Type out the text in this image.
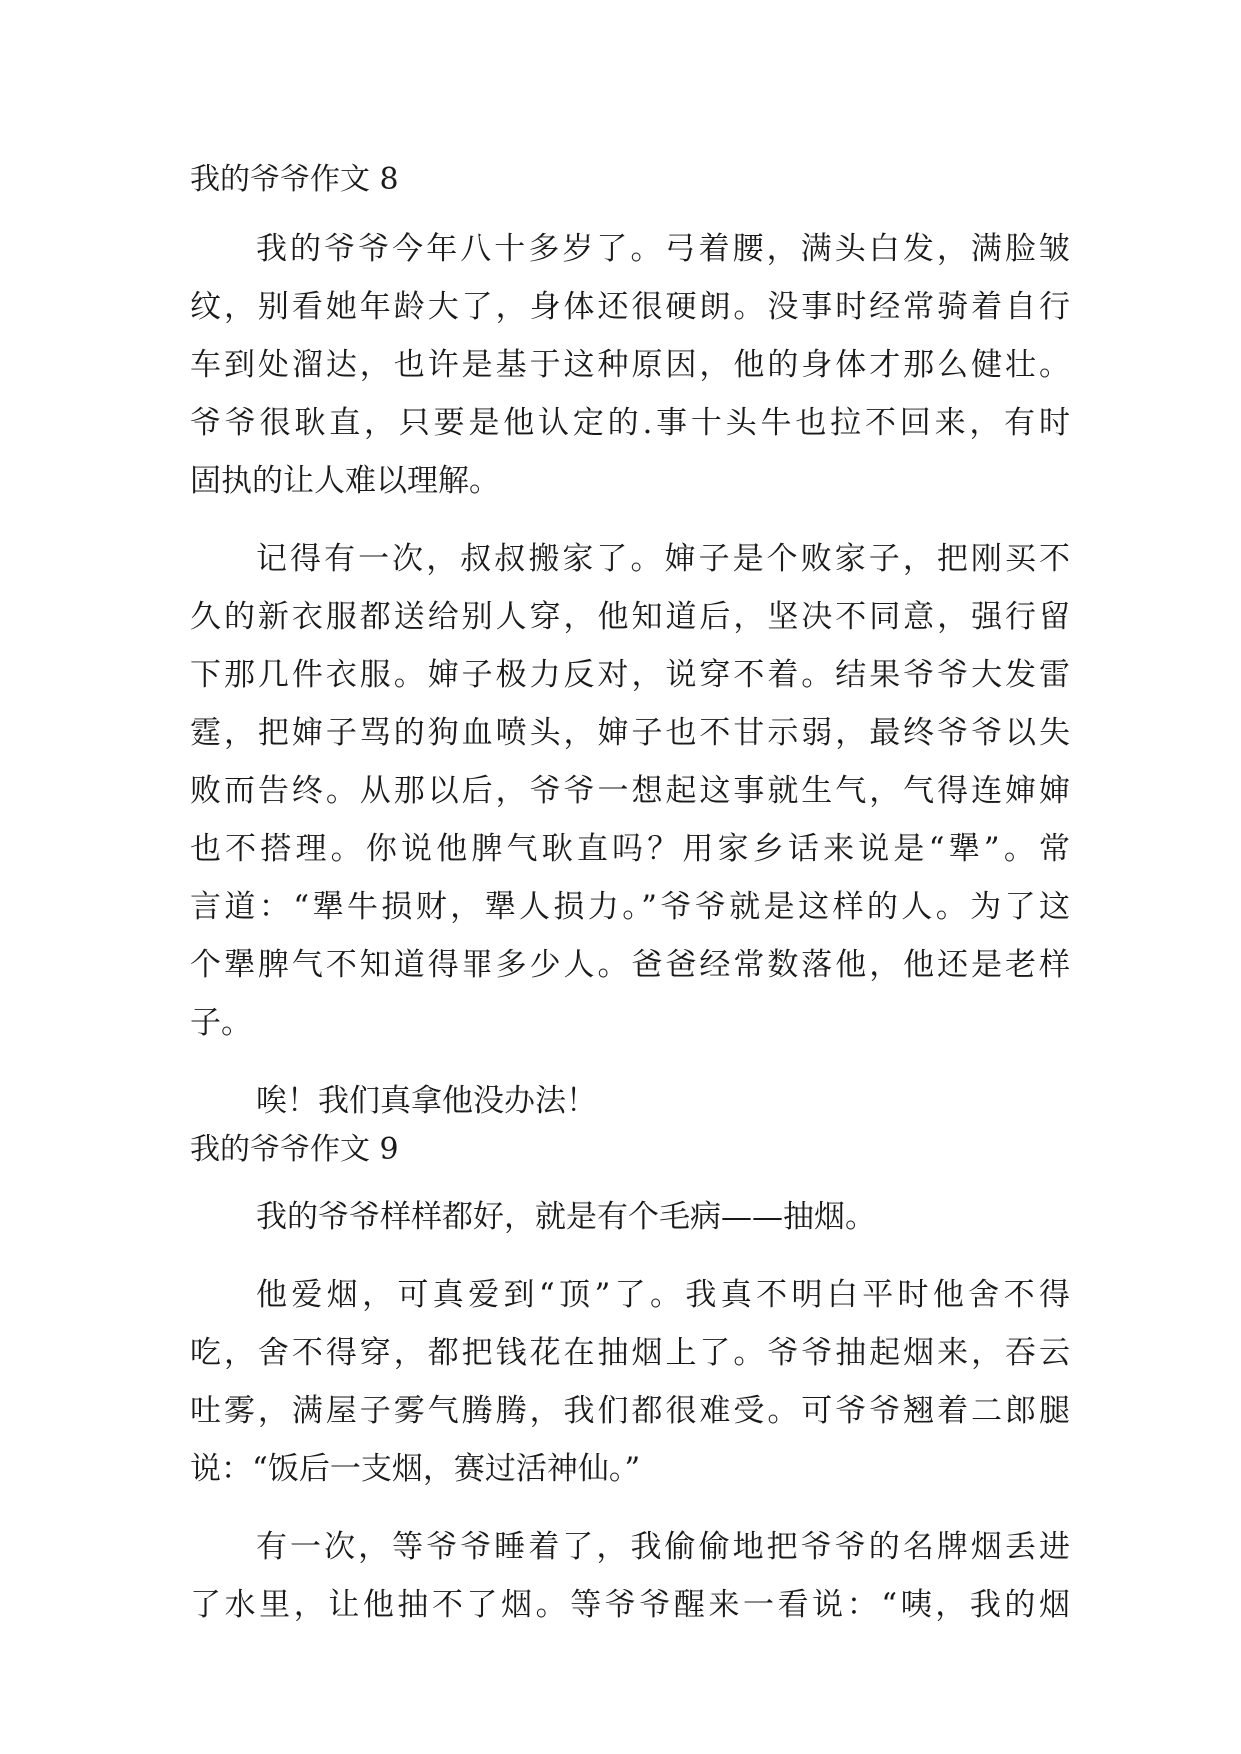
我的爷爷作文 8
我的爷爷今年八十多岁了。弓着腰，满头白发，满脸皱
纹，别看她年龄大了，身体还很硬朗。没事时经常骑着自行
车到处溜达，也许是基于这种原因，他的身体才那么健壮。
爷爷很耿直，只要是他认定的.事十头牛也拉不回来，有时
固执的让人难以理解。
记得有一次，叔叔搬家了。婶子是个败家子，把刚买不
久的新衣服都送给别人穿，他知道后，坚决不同意，强行留
下那几件衣服。婶子极力反对，说穿不着。结果爷爷大发雷
霆，把婶子骂的狗血喷头，婶子也不甘示弱，最终爷爷以失
败而告终。从那以后，爷爷一想起这事就生气，气得连婶婶
也不搭理。你说他脾气耿直吗？用家乡话来说是“犟”。常
言道：“犟牛损财，犟人损力。”爷爷就是这样的人。为了这
个犟脾气不知道得罪多少人。爸爸经常数落他，他还是老样
子。
唉！我们真拿他没办法！
我的爷爷作文 9
我的爷爷样样都好，就是有个毛病——抽烟。
他爱烟，可真爱到“顶”了。我真不明白平时他舍不得
吃，舍不得穿，都把钱花在抽烟上了。爷爷抽起烟来，吞云
吐雾，满屋子雾气腾腾，我们都很难受。可爷爷翘着二郎腿
说：“饭后一支烟，赛过活神仙。”
有一次，等爷爷睡着了，我偷偷地把爷爷的名牌烟丢进
了水里，让他抽不了烟。等爷爷醒来一看说：“咦，我的烟
